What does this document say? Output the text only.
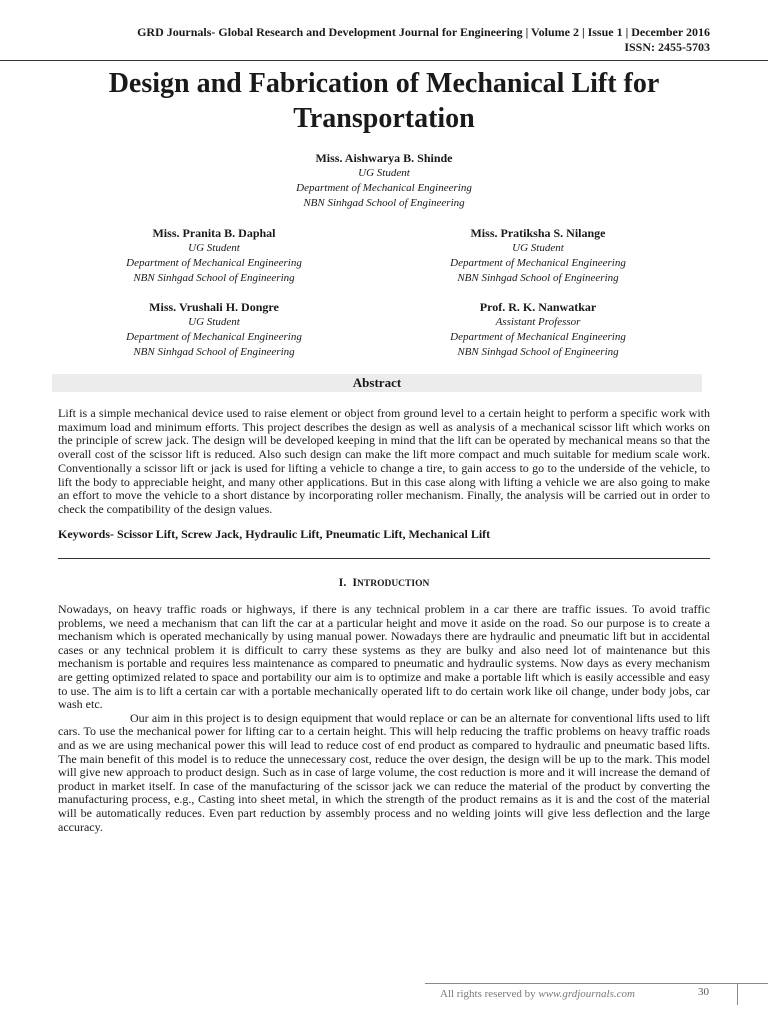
GRD Journals- Global Research and Development Journal for Engineering | Volume 2 | Issue 1 | December 2016
ISSN: 2455-5703
Design and Fabrication of Mechanical Lift for Transportation
Miss. Aishwarya B. Shinde
UG Student
Department of Mechanical Engineering
NBN Sinhgad School of Engineering
Miss. Pranita B. Daphal
UG Student
Department of Mechanical Engineering
NBN Sinhgad School of Engineering
Miss. Pratiksha S. Nilange
UG Student
Department of Mechanical Engineering
NBN Sinhgad School of Engineering
Miss. Vrushali H. Dongre
UG Student
Department of Mechanical Engineering
NBN Sinhgad School of Engineering
Prof. R. K. Nanwatkar
Assistant Professor
Department of Mechanical Engineering
NBN Sinhgad School of Engineering
Abstract
Lift is a simple mechanical device used to raise element or object from ground level to a certain height to perform a specific work with maximum load and minimum efforts. This project describes the design as well as analysis of a mechanical scissor lift which works on the principle of screw jack. The design will be developed keeping in mind that the lift can be operated by mechanical means so that the overall cost of the scissor lift is reduced. Also such design can make the lift more compact and much suitable for medium scale work. Conventionally a scissor lift or jack is used for lifting a vehicle to change a tire, to gain access to go to the underside of the vehicle, to lift the body to appreciable height, and many other applications. But in this case along with lifting a vehicle we are also going to make an effort to move the vehicle to a short distance by incorporating roller mechanism. Finally, the analysis will be carried out in order to check the compatibility of the design values.
Keywords- Scissor Lift, Screw Jack, Hydraulic Lift, Pneumatic Lift, Mechanical Lift
I. INTRODUCTION

Nowadays, on heavy traffic roads or highways, if there is any technical problem in a car there are traffic issues. To avoid traffic problems, we need a mechanism that can lift the car at a particular height and move it aside on the road. So our purpose is to create a mechanism which is operated mechanically by using manual power. Nowadays there are hydraulic and pneumatic lift but in accidental cases or any technical problem it is difficult to carry these systems as they are bulky and also need lot of maintenance but this mechanism is portable and requires less maintenance as compared to pneumatic and hydraulic systems. Now days as every mechanism are getting optimized related to space and portability our aim is to optimize and make a portable lift which is easily accessible and easy to use. The aim is to lift a certain car with a portable mechanically operated lift to do certain work like oil change, under body jobs, car wash etc.

Our aim in this project is to design equipment that would replace or can be an alternate for conventional lifts used to lift cars. To use the mechanical power for lifting car to a certain height. This will help reducing the traffic problems on heavy traffic roads and as we are using mechanical power this will lead to reduce cost of end product as compared to hydraulic and pneumatic based lifts. The main benefit of this model is to reduce the unnecessary cost, reduce the over design, the design will be up to the mark. This model will give new approach to product design. Such as in case of large volume, the cost reduction is more and it will increase the demand of product in market itself. In case of the manufacturing of the scissor jack we can reduce the material of the product by converting the manufacturing process, e.g., Casting into sheet metal, in which the strength of the product remains as it is and the cost of the material will be automatically reduces. Even part reduction by assembly process and no welding joints will give less deflection and the large accuracy.

All rights reserved by www.grdjournals.com	30
